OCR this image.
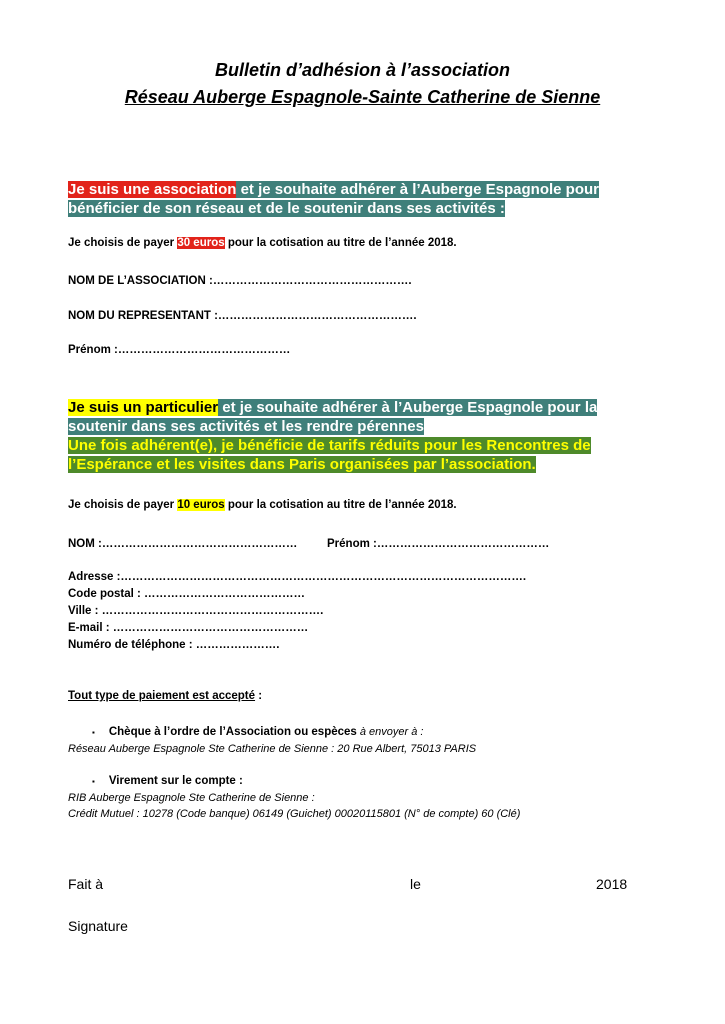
Bulletin d’adhésion à l’association
Réseau Auberge Espagnole-Sainte Catherine de Sienne
Je suis une association et je souhaite adhérer à l’Auberge Espagnole pour
bénéficier de son réseau et de le soutenir dans ses activités :
Je choisis de payer 30 euros pour la cotisation au titre de l’année 2018.
NOM DE L’ASSOCIATION :…………………………………………….
NOM DU REPRESENTANT :…………………………………………….
Prénom :………………………………………
Je suis un particulier et je souhaite adhérer à l’Auberge Espagnole pour la
soutenir dans ses activités et les rendre pérennes
Une fois adhérent(e), je bénéficie de tarifs réduits pour les Rencontres de
l’Espérance et les visites dans Paris organisées par l’association.
Je choisis de payer 10 euros pour la cotisation au titre de l’année 2018.
NOM :……………………………………………	Prénom :………………………………………
Adresse :…………………………………………………………………………………………….
Code postal : ……………………………………
Ville : ………………………………………………….
E-mail : ……………………………………………
Numéro de téléphone : ………………….
Tout type de paiement est accepté :
▪ Chèque à l’ordre de l’Association ou espèces à envoyer à :
Réseau Auberge Espagnole Ste Catherine de Sienne : 20 Rue Albert, 75013 PARIS
▪ Virement sur le compte :
RIB Auberge Espagnole Ste Catherine de Sienne :
Crédit Mutuel : 10278 (Code banque) 06149 (Guichet) 00020115801 (N° de compte) 60 (Clé)
Fait à	le	2018
Signature
